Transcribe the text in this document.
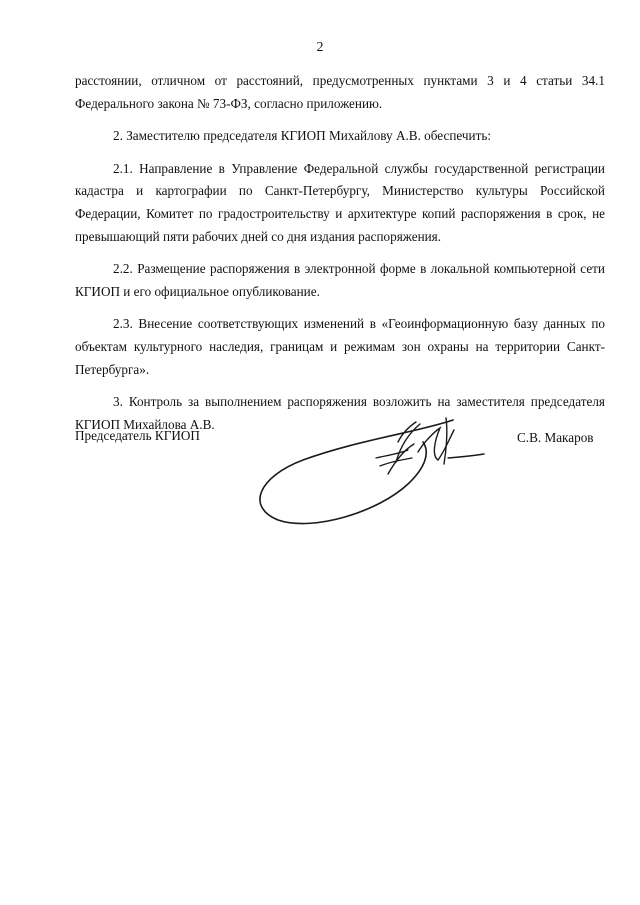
2

расстоянии, отличном от расстояний, предусмотренных пунктами 3 и 4 статьи 34.1 Федерального закона № 73-ФЗ, согласно приложению.

2. Заместителю председателя КГИОП Михайлову А.В. обеспечить:

2.1. Направление в Управление Федеральной службы государственной регистрации кадастра и картографии по Санкт-Петербургу, Министерство культуры Российской Федерации, Комитет по градостроительству и архитектуре копий распоряжения в срок, не превышающий пяти рабочих дней со дня издания распоряжения.

2.2. Размещение распоряжения в электронной форме в локальной компьютерной сети КГИОП и его официальное опубликование.

2.3. Внесение соответствующих изменений в «Геоинформационную базу данных по объектам культурного наследия, границам и режимам зон охраны на территории Санкт-Петербурга».

3. Контроль за выполнением распоряжения возложить на заместителя председателя КГИОП Михайлова А.В.

Председатель КГИОП	С.В. Макаров
